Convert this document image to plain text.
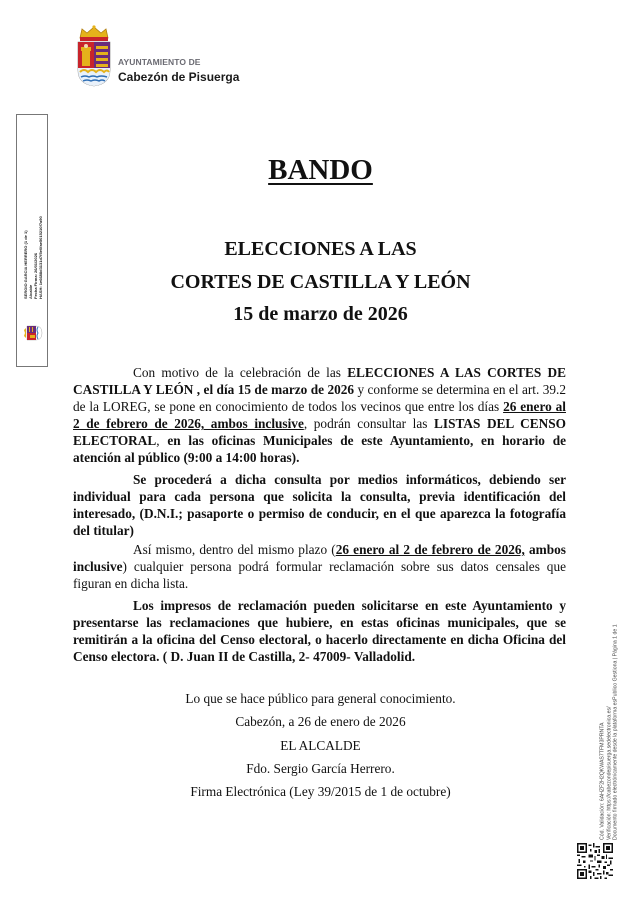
AYUNTAMIENTO DE
Cabezón de Pisuerga
SERGIO GARCIA HERRERO (1 de 1) Alcalde Fecha Firma: 26/01/2026 HASH: 1e6688d3131d7f5e0fae5015210f7a90
BANDO
ELECCIONES A LAS
CORTES DE CASTILLA Y LEÓN
15 de marzo de 2026
Con motivo de la celebración de las ELECCIONES A LAS CORTES DE CASTILLA Y LEÓN , el día 15 de marzo de 2026 y conforme se determina en el art. 39.2 de la LOREG, se pone en conocimiento de todos los vecinos que entre los días 26 enero al 2 de febrero de 2026, ambos inclusive, podrán consultar las LISTAS DEL CENSO ELECTORAL, en las oficinas Municipales de este Ayuntamiento, en horario de atención al público (9:00 a 14:00 horas).
Se procederá a dicha consulta por medios informáticos, debiendo ser individual para cada persona que solicita la consulta, previa identificación del interesado, (D.N.I.; pasaporte o permiso de conducir, en el que aparezca la fotografía del titular)
Así mismo, dentro del mismo plazo (26 enero al 2 de febrero de 2026, ambos inclusive) cualquier persona podrá formular reclamación sobre sus datos censales que figuran en dicha lista.
Los impresos de reclamación pueden solicitarse en este Ayuntamiento y presentarse las reclamaciones que hubiere, en estas oficinas municipales, que se remitirán a la oficina del Censo electoral, o hacerlo directamente en dicha Oficina del Censo electora. ( D. Juan II de Castilla, 2- 47009- Valladolid.
Lo que se hace público para general conocimiento.
Cabezón, a 26 de enero de 2026
EL ALCALDE
Fdo. Sergio García Herrero.
Firma Electrónica (Ley 39/2015 de 1 de octubre)	Cód. Validación: 6AHZF2H2QKWAS7TFM3PRNTA Verificación: https://cabezondepisuerga.sedelectronica.es/ Documento firmado electrónicamente desde la plataforma esPublico Gestiona | Página 1 de 1
